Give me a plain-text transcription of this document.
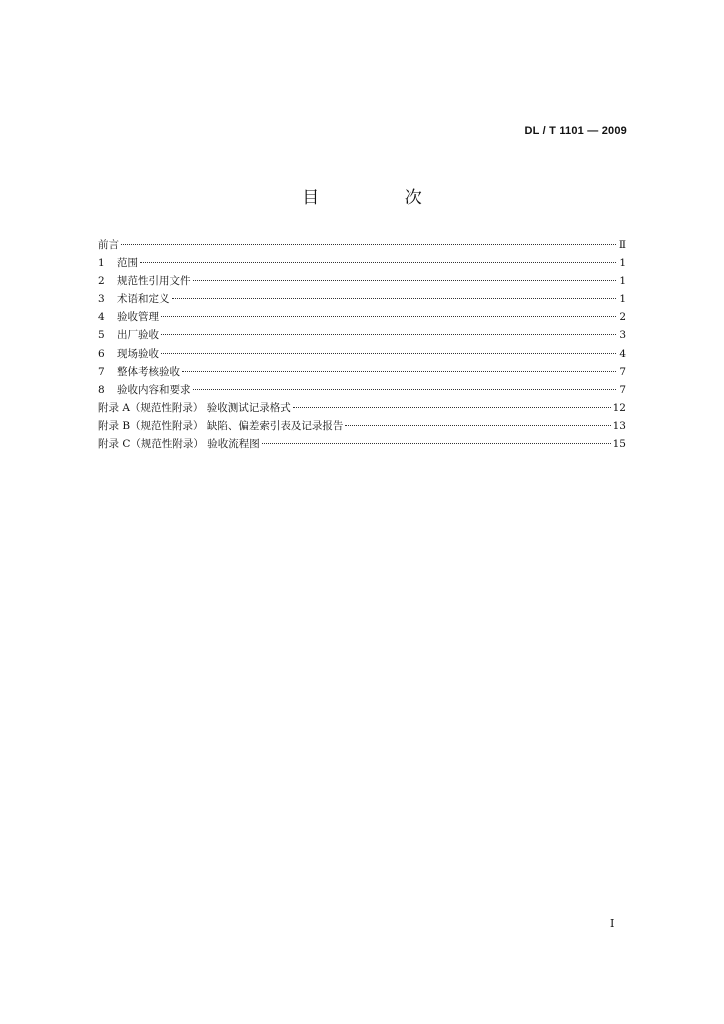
DL / T 1101 — 2009
目 次
前言	Ⅱ
1	范围	1
2	规范性引用文件	1
3	术语和定义	1
4	验收管理	2
5	出厂验收	3
6	现场验收	4
7	整体考核验收	7
8	验收内容和要求	7
附录 A（规范性附录） 验收测试记录格式	12
附录 B（规范性附录） 缺陷、偏差索引表及记录报告	13
附录 C（规范性附录） 验收流程图	15
I
